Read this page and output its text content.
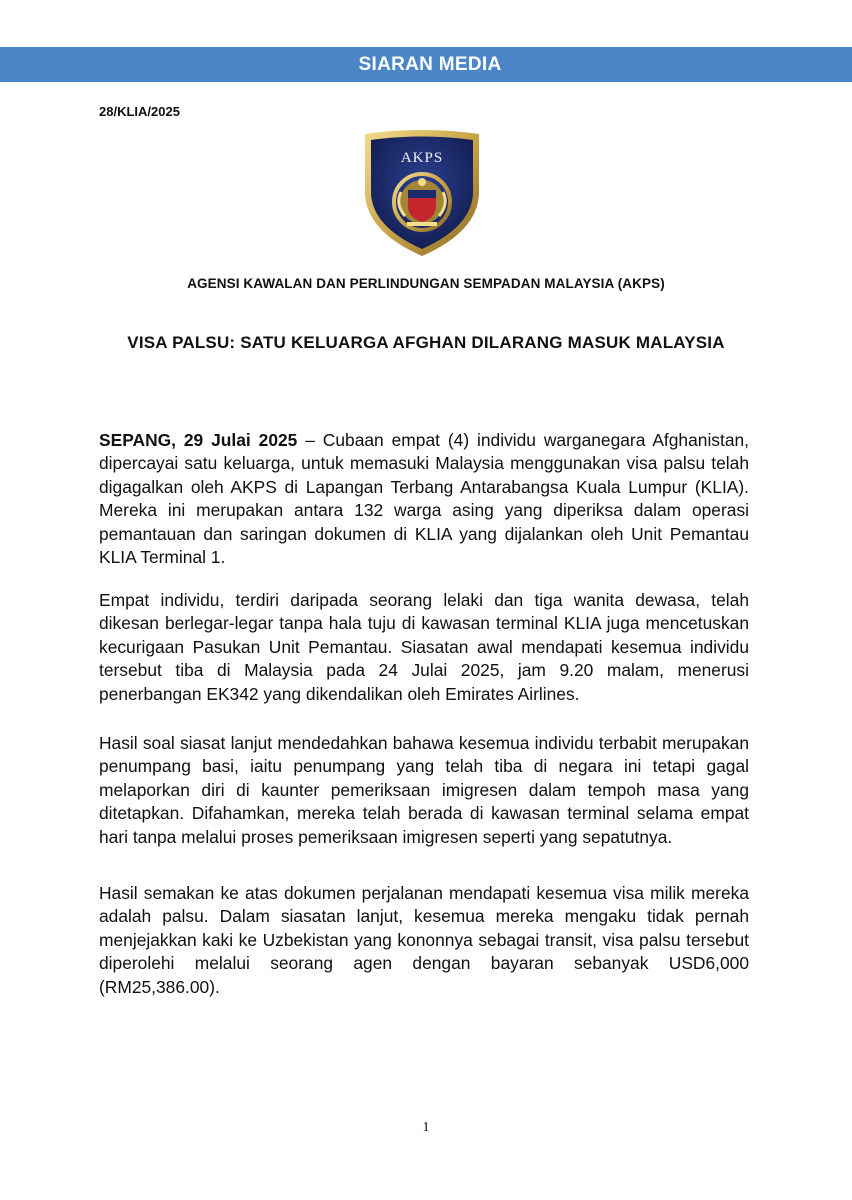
SIARAN MEDIA
28/KLIA/2025
AKPS
AGENSI KAWALAN DAN PERLINDUNGAN SEMPADAN MALAYSIA (AKPS)
VISA PALSU: SATU KELUARGA AFGHAN DILARANG MASUK MALAYSIA
SEPANG, 29 Julai 2025 – Cubaan empat (4) individu warganegara Afghanistan, dipercayai satu keluarga, untuk memasuki Malaysia menggunakan visa palsu telah digagalkan oleh AKPS di Lapangan Terbang Antarabangsa Kuala Lumpur (KLIA). Mereka ini merupakan antara 132 warga asing yang diperiksa dalam operasi pemantauan dan saringan dokumen di KLIA yang dijalankan oleh Unit Pemantau KLIA Terminal 1.
Empat individu, terdiri daripada seorang lelaki dan tiga wanita dewasa, telah dikesan berlegar-legar tanpa hala tuju di kawasan terminal KLIA juga mencetuskan kecurigaan Pasukan Unit Pemantau. Siasatan awal mendapati kesemua individu tersebut tiba di Malaysia pada 24 Julai 2025, jam 9.20 malam, menerusi penerbangan EK342 yang dikendalikan oleh Emirates Airlines.
Hasil soal siasat lanjut mendedahkan bahawa kesemua individu terbabit merupakan penumpang basi, iaitu penumpang yang telah tiba di negara ini tetapi gagal melaporkan diri di kaunter pemeriksaan imigresen dalam tempoh masa yang ditetapkan. Difahamkan, mereka telah berada di kawasan terminal selama empat hari tanpa melalui proses pemeriksaan imigresen seperti yang sepatutnya.
Hasil semakan ke atas dokumen perjalanan mendapati kesemua visa milik mereka adalah palsu. Dalam siasatan lanjut, kesemua mereka mengaku tidak pernah menjejakkan kaki ke Uzbekistan yang kononnya sebagai transit, visa palsu tersebut diperolehi melalui seorang agen dengan bayaran sebanyak USD6,000 (RM25,386.00).
1
